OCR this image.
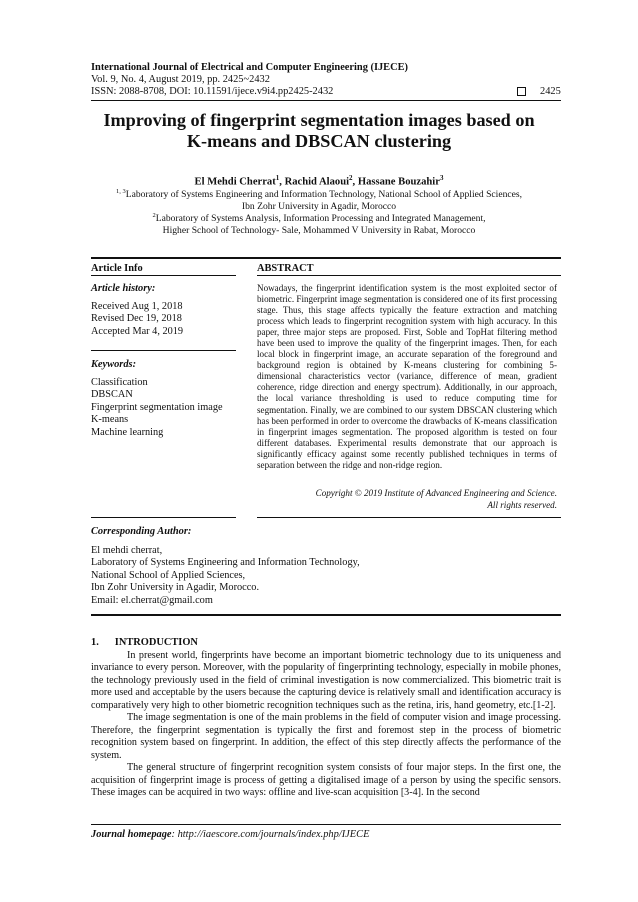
International Journal of Electrical and Computer Engineering (IJECE)
Vol. 9, No. 4, August 2019, pp. 2425~2432
ISSN: 2088-8708, DOI: 10.11591/ijece.v9i4.pp2425-2432	2425
Improving of fingerprint segmentation images based on
K-means and DBSCAN clustering
El Mehdi Cherrat$^1$, Rachid Alaoui$^2$, Hassane Bouzahir$^3$
$^{1, 3}$Laboratory of Systems Engineering and Information Technology, National School of Applied Sciences,
Ibn Zohr University in Agadir, Morocco
$^2$Laboratory of Systems Analysis, Information Processing and Integrated Management,
Higher School of Technology- Sale, Mohammed V University in Rabat, Morocco
Article Info	ABSTRACT
Article history:
Received Aug 1, 2018
Revised Dec 19, 2018
Accepted Mar 4, 2019
Keywords:
Classification
DBSCAN
Fingerprint segmentation image
K-means
Machine learning
Nowadays, the fingerprint identification system is the most exploited sector of biometric. Fingerprint image segmentation is considered one of its first processing stage. Thus, this stage affects typically the feature extraction and matching process which leads to fingerprint recognition system with high accuracy. In this paper, three major steps are proposed. First, Soble and TopHat filtering method have been used to improve the quality of the fingerprint images. Then, for each local block in fingerprint image, an accurate separation of the foreground and background region is obtained by K-means clustering for combining 5-dimensional characteristics vector (variance, difference of mean, gradient coherence, ridge direction and energy spectrum). Additionally, in our approach, the local variance thresholding is used to reduce computing time for segmentation. Finally, we are combined to our system DBSCAN clustering which has been performed in order to overcome the drawbacks of K-means classification in fingerprint images segmentation. The proposed algorithm is tested on four different databases. Experimental results demonstrate that our approach is significantly efficacy against some recently published techniques in terms of separation between the ridge and non-ridge region.
Copyright © 2019 Institute of Advanced Engineering and Science.
All rights reserved.
Corresponding Author:
El mehdi cherrat,
Laboratory of Systems Engineering and Information Technology,
National School of Applied Sciences,
Ibn Zohr University in Agadir, Morocco.
Email: el.cherrat@gmail.com
1. INTRODUCTION

In present world, fingerprints have become an important biometric technology due to its uniqueness and invariance to every person. Moreover, with the popularity of fingerprinting technology, especially in mobile phones, the technology previously used in the field of criminal investigation is now commercialized. This biometric trait is more used and acceptable by the users because the capturing device is relatively small and identification accuracy is comparatively very high to other biometric recognition techniques such as the retina, iris, hand geometry, etc.[1-2].

The image segmentation is one of the main problems in the field of computer vision and image processing. Therefore, the fingerprint segmentation is typically the first and foremost step in the process of biometric recognition system based on fingerprint. In addition, the effect of this step directly affects the performance of the system.

The general structure of fingerprint recognition system consists of four major steps. In the first one, the acquisition of fingerprint image is process of getting a digitalised image of a person by using the specific sensors. These images can be acquired in two ways: offline and live-scan acquisition [3-4]. In the second

Journal homepage: http://iaescore.com/journals/index.php/IJECE
